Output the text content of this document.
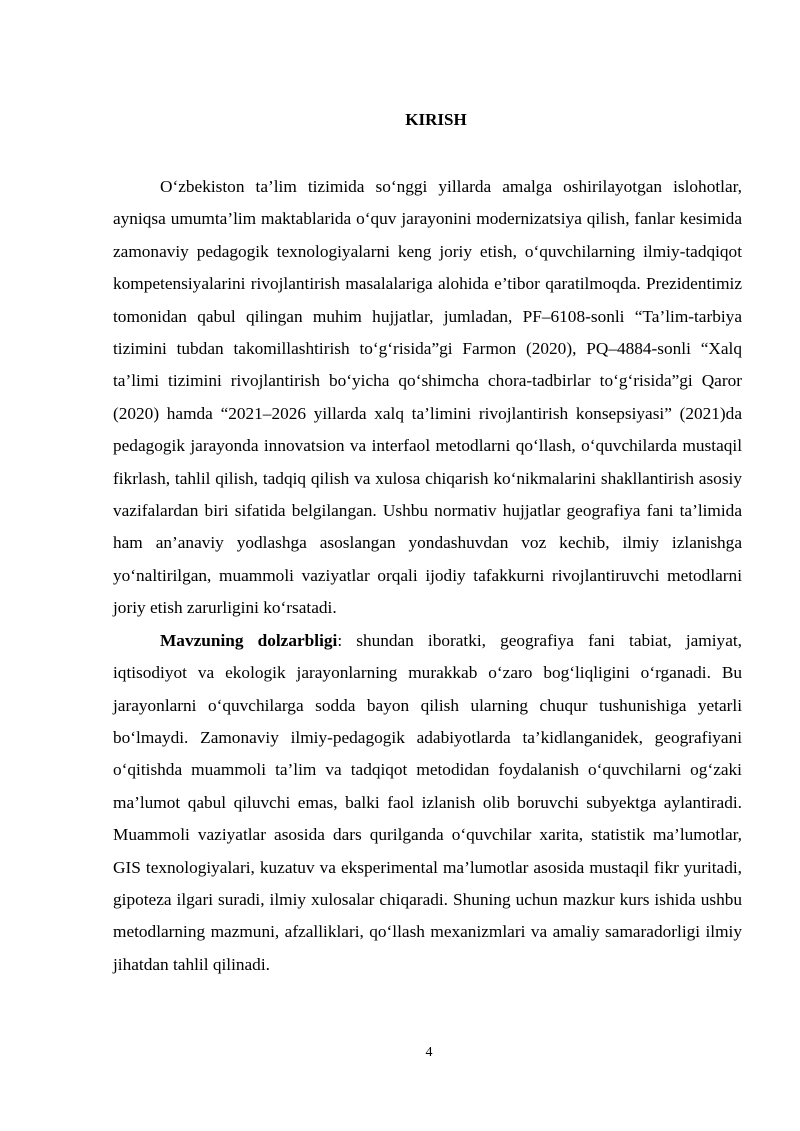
KIRISH

O‘zbekiston ta’lim tizimida so‘nggi yillarda amalga oshirilayotgan islohotlar, ayniqsa umumta’lim maktablarida o‘quv jarayonini modernizatsiya qilish, fanlar kesimida zamonaviy pedagogik texnologiyalarni keng joriy etish, o‘quvchilarning ilmiy-tadqiqot kompetensiyalarini rivojlantirish masalalariga alohida e’tibor qaratilmoqda. Prezidentimiz tomonidan qabul qilingan muhim hujjatlar, jumladan, PF–6108-sonli “Ta’lim-tarbiya tizimini tubdan takomillashtirish to‘g‘risida”gi Farmon (2020), PQ–4884-sonli “Xalq ta’limi tizimini rivojlantirish bo‘yicha qo‘shimcha chora-tadbirlar to‘g‘risida”gi Qaror (2020) hamda “2021–2026 yillarda xalq ta’limini rivojlantirish konsepsiyasi” (2021)da pedagogik jarayonda innovatsion va interfaol metodlarni qo‘llash, o‘quvchilarda mustaqil fikrlash, tahlil qilish, tadqiq qilish va xulosa chiqarish ko‘nikmalarini shakllantirish asosiy vazifalardan biri sifatida belgilangan. Ushbu normativ hujjatlar geografiya fani ta’limida ham an’anaviy yodlashga asoslangan yondashuvdan voz kechib, ilmiy izlanishga yo‘naltirilgan, muammoli vaziyatlar orqali ijodiy tafakkurni rivojlantiruvchi metodlarni joriy etish zarurligini ko‘rsatadi.

Mavzuning dolzarbligi: shundan iboratki, geografiya fani tabiat, jamiyat, iqtisodiyot va ekologik jarayonlarning murakkab o‘zaro bog‘liqligini o‘rganadi. Bu jarayonlarni o‘quvchilarga sodda bayon qilish ularning chuqur tushunishiga yetarli bo‘lmaydi. Zamonaviy ilmiy-pedagogik adabiyotlarda ta’kidlanganidek, geografiyani o‘qitishda muammoli ta’lim va tadqiqot metodidan foydalanish o‘quvchilarni og‘zaki ma’lumot qabul qiluvchi emas, balki faol izlanish olib boruvchi subyektga aylantiradi. Muammoli vaziyatlar asosida dars qurilganda o‘quvchilar xarita, statistik ma’lumotlar, GIS texnologiyalari, kuzatuv va eksperimental ma’lumotlar asosida mustaqil fikr yuritadi, gipoteza ilgari suradi, ilmiy xulosalar chiqaradi. Shuning uchun mazkur kurs ishida ushbu metodlarning mazmuni, afzalliklari, qo‘llash mexanizmlari va amaliy samaradorligi ilmiy jihatdan tahlil qilinadi.

4
